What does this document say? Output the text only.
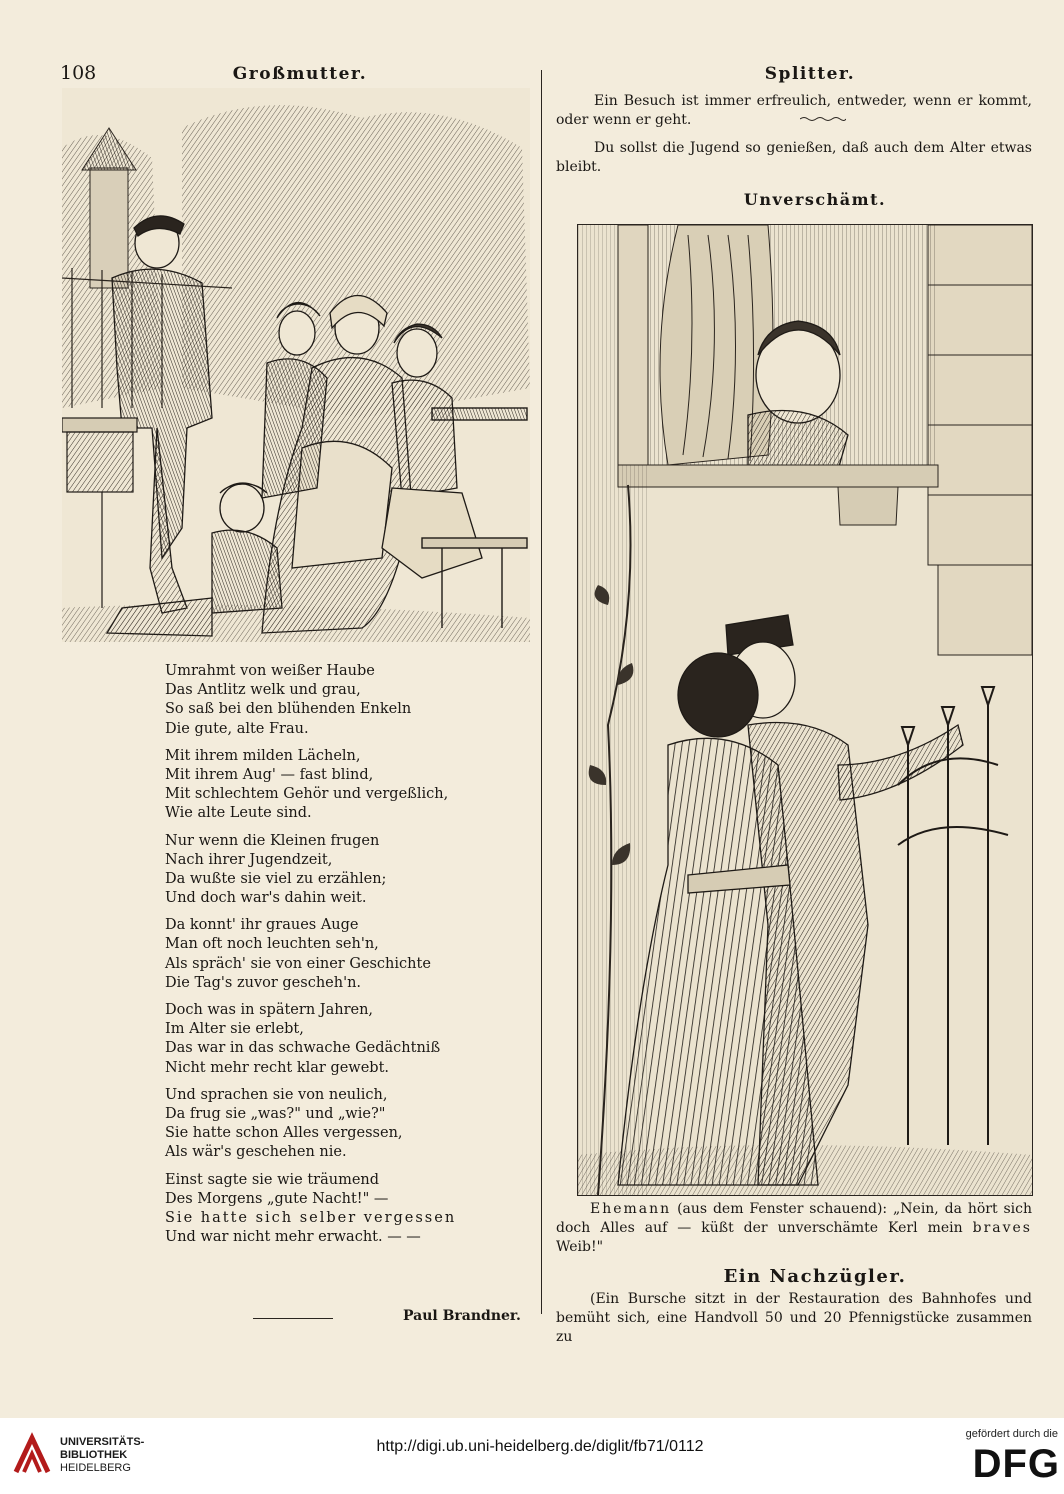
108	Großmutter.
Umrahmt von weißer Haube
Das Antlitz welk und grau,
So saß bei den blühenden Enkeln
Die gute, alte Frau.
Mit ihrem milden Lächeln,
Mit ihrem Aug' — fast blind,
Mit schlechtem Gehör und vergeßlich,
Wie alte Leute sind.
Nur wenn die Kleinen frugen
Nach ihrer Jugendzeit,
Da wußte sie viel zu erzählen;
Und doch war's dahin weit.
Da konnt' ihr graues Auge
Man oft noch leuchten seh'n,
Als spräch' sie von einer Geschichte
Die Tag's zuvor gescheh'n.
Doch was in spätern Jahren,
Im Alter sie erlebt,
Das war in das schwache Gedächtniß
Nicht mehr recht klar gewebt.
Und sprachen sie von neulich,
Da frug sie „was?" und „wie?"
Sie hatte schon Alles vergessen,
Als wär's geschehen nie.
Einst sagte sie wie träumend
Des Morgens „gute Nacht!" —
Sie hatte sich selber vergessen
Und war nicht mehr erwacht. — —
Paul Brandner.
Splitter.
Ein Besuch ist immer erfreulich, entweder, wenn er kommt, oder wenn er geht.
Du sollst die Jugend so genießen, daß auch dem Alter etwas bleibt.
Unverschämt.
Ehemann (aus dem Fenster schauend): „Nein, da hört sich doch Alles auf — küßt der unverschämte Kerl mein braves Weib!"
Ein Nachzügler.
(Ein Bursche sitzt in der Restauration des Bahnhofes und bemüht sich, eine Handvoll 50 und 20 Pfennigstücke zusammen zu
UNIVERSITÄTS-
BIBLIOTHEK
HEIDELBERG
http://digi.ub.uni-heidelberg.de/diglit/fb71/0112
gefördert durch die
DFG
